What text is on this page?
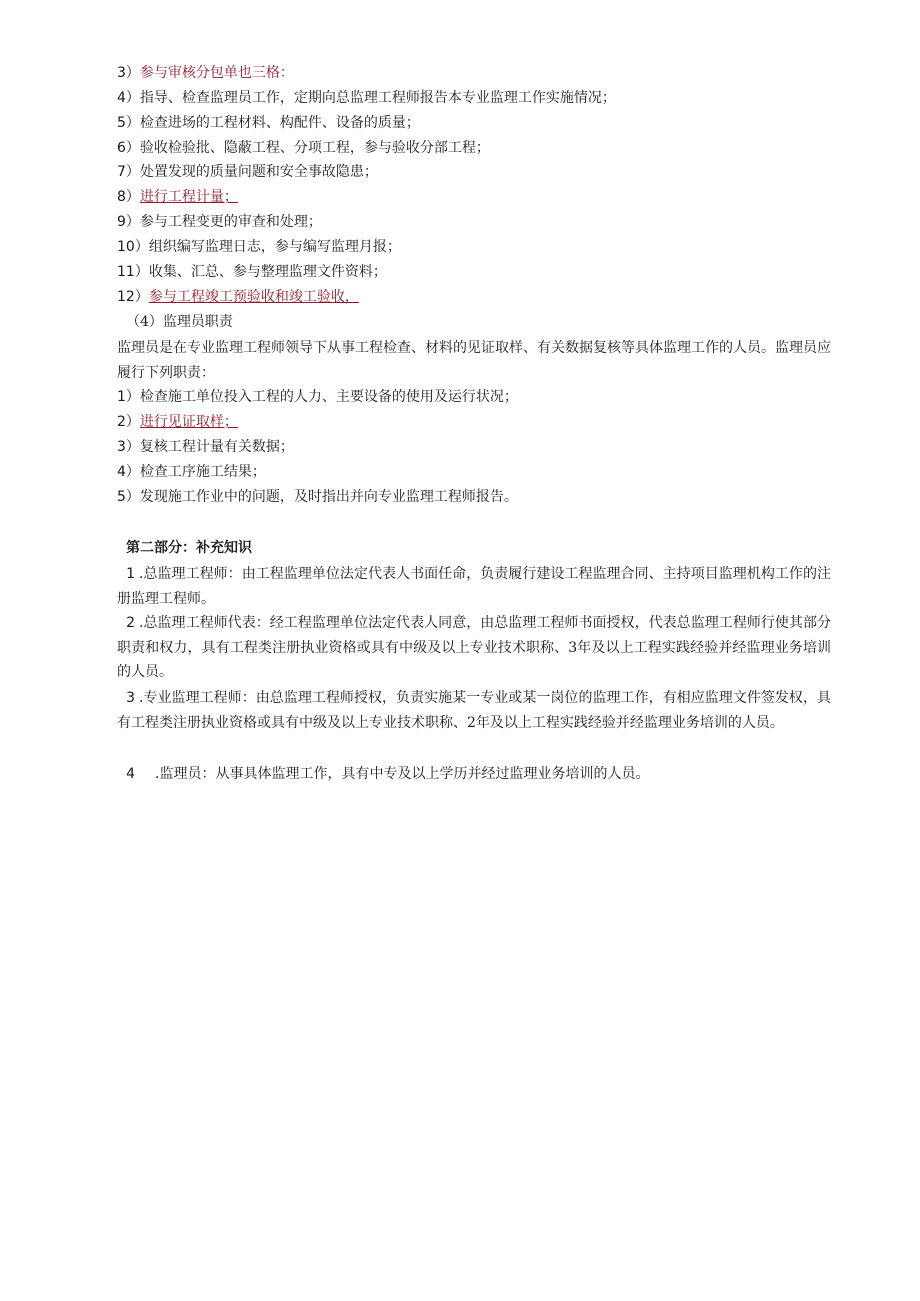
3）参与审核分包单也三格：
4）指导、检查监理员工作，定期向总监理工程师报告本专业监理工作实施情况；
5）检查进场的工程材料、构配件、设备的质量；
6）验收检验批、隐蔽工程、分项工程，参与验收分部工程；
7）处置发现的质量问题和安全事故隐患；
8）进行工程计量；
9）参与工程变更的审查和处理；
10）组织编写监理日志，参与编写监理月报；
11）收集、汇总、参与整理监理文件资料；
12）参与工程竣工预验收和竣工验收，
（4）监理员职责
监理员是在专业监理工程师领导下从事工程检查、材料的见证取样、有关数据复核等具体监理工作的人员。监理员应履行下列职责：
1）检查施工单位投入工程的人力、主要设备的使用及运行状况；
2）进行见证取样；
3）复核工程计量有关数据；
4）检查工序施工结果；
5）发现施工作业中的问题，及时指出并向专业监理工程师报告。
第二部分：补充知识
1 .总监理工程师：由工程监理单位法定代表人书面任命，负责履行建设工程监理合同、主持项目监理机构工作的注册监理工程师。
2 .总监理工程师代表：经工程监理单位法定代表人同意，由总监理工程师书面授权，代表总监理工程师行使其部分职责和权力，具有工程类注册执业资格或具有中级及以上专业技术职称、3年及以上工程实践经验并经监理业务培训的人员。
3 .专业监理工程师：由总监理工程师授权，负责实施某一专业或某一岗位的监理工作，有相应监理文件签发权，具有工程类注册执业资格或具有中级及以上专业技术职称、2年及以上工程实践经验并经监理业务培训的人员。
4 .监理员：从事具体监理工作，具有中专及以上学历并经过监理业务培训的人员。
